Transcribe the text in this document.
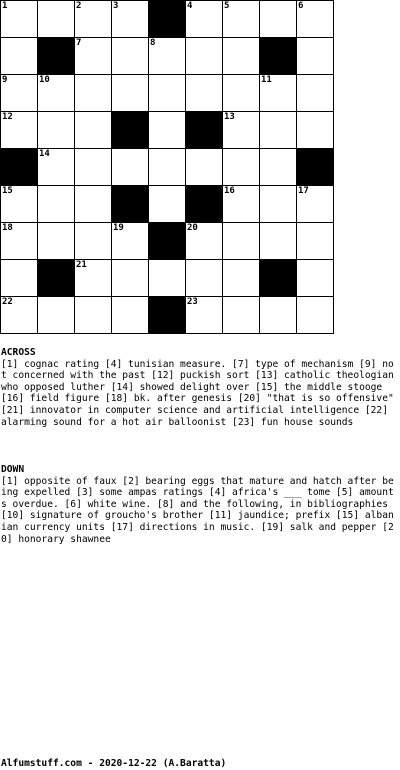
1		2	3		4	5		6

		7		8				

9	10						11	

12						13		

	14							

15						16		17

18			19		20			

		21						

22					23			

ACROSS
[1] cognac rating [4] tunisian measure. [7] type of mechanism [9] not concerned with the past [12] puckish sort [13] catholic theologian who opposed luther [14] showed delight over [15] the middle stooge [16] field figure [18] bk. after genesis [20] "that is so offensive" [21] innovator in computer science and artificial intelligence [22] alarming sound for a hot air balloonist [23] fun house sounds
DOWN
[1] opposite of faux [2] bearing eggs that mature and hatch after being expelled [3] some ampas ratings [4] africa's ___ tome [5] amounts overdue. [6] white wine. [8] and the following, in bibliographies [10] signature of groucho's brother [11] jaundice; prefix [15] albanian currency units [17] directions in music. [19] salk and pepper [20] honorary shawnee
Alfumstuff.com - 2020-12-22 (A.Baratta)
